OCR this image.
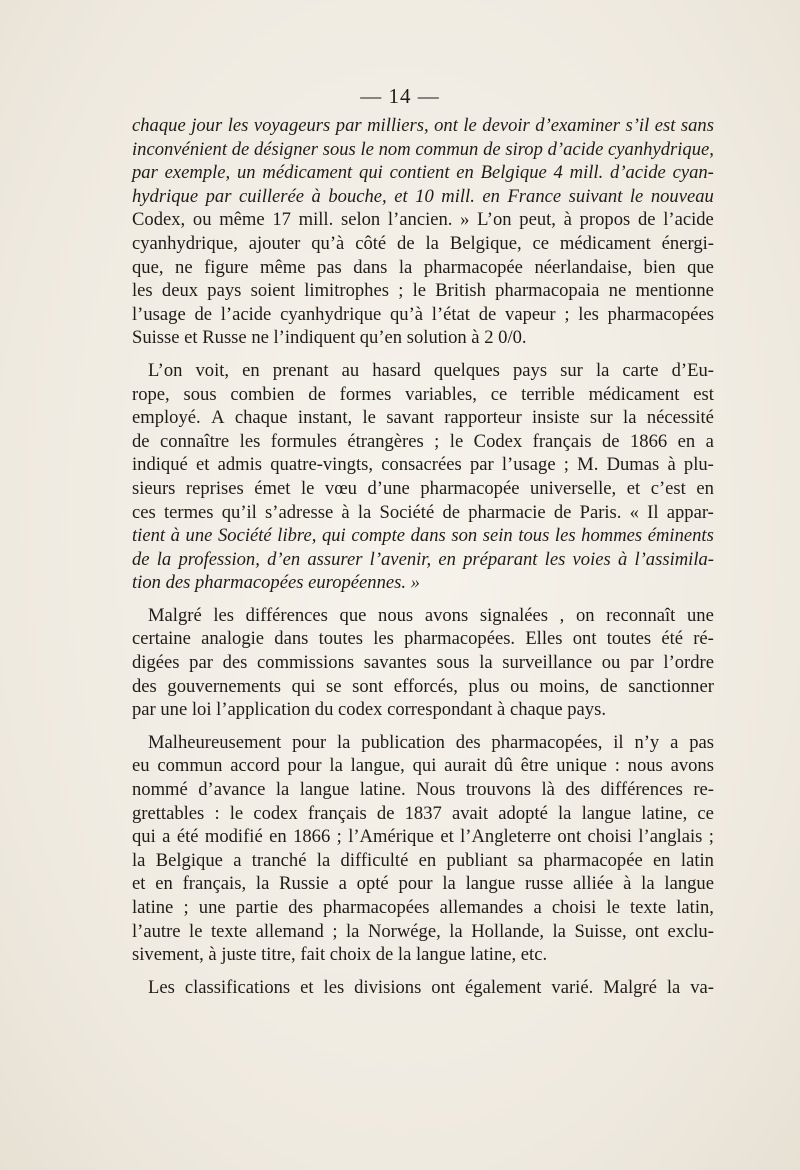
— 14 —
chaque jour les voyageurs par milliers, ont le devoir d’examiner s’il est sans
inconvénient de désigner sous le nom commun de sirop d’acide cyanhydrique,
par exemple, un médicament qui contient en Belgique 4 mill. d’acide cyan-
hydrique par cuillerée à bouche, et 10 mill. en France suivant le nouveau
Codex, ou même 17 mill. selon l’ancien. » L’on peut, à propos de l’acide
cyanhydrique, ajouter qu’à côté de la Belgique, ce médicament énergi-
que, ne figure même pas dans la pharmacopée néerlandaise, bien que
les deux pays soient limitrophes ; le British pharmacopaia ne mentionne
l’usage de l’acide cyanhydrique qu’à l’état de vapeur ; les pharmacopées
Suisse et Russe ne l’indiquent qu’en solution à 2 0/0.
L’on voit, en prenant au hasard quelques pays sur la carte d’Eu-
rope, sous combien de formes variables, ce terrible médicament est
employé. A chaque instant, le savant rapporteur insiste sur la nécessité
de connaître les formules étrangères ; le Codex français de 1866 en a
indiqué et admis quatre-vingts, consacrées par l’usage ; M. Dumas à plu-
sieurs reprises émet le vœu d’une pharmacopée universelle, et c’est en
ces termes qu’il s’adresse à la Société de pharmacie de Paris. « Il appar-
tient à une Société libre, qui compte dans son sein tous les hommes éminents
de la profession, d’en assurer l’avenir, en préparant les voies à l’assimila-
tion des pharmacopées européennes. »
Malgré les différences que nous avons signalées , on reconnaît une
certaine analogie dans toutes les pharmacopées. Elles ont toutes été ré-
digées par des commissions savantes sous la surveillance ou par l’ordre
des gouvernements qui se sont efforcés, plus ou moins, de sanctionner
par une loi l’application du codex correspondant à chaque pays.
Malheureusement pour la publication des pharmacopées, il n’y a pas
eu commun accord pour la langue, qui aurait dû être unique : nous avons
nommé d’avance la langue latine. Nous trouvons là des différences re-
grettables : le codex français de 1837 avait adopté la langue latine, ce
qui a été modifié en 1866 ; l’Amérique et l’Angleterre ont choisi l’anglais ;
la Belgique a tranché la difficulté en publiant sa pharmacopée en latin
et en français, la Russie a opté pour la langue russe alliée à la langue
latine ; une partie des pharmacopées allemandes a choisi le texte latin,
l’autre le texte allemand ; la Norwége, la Hollande, la Suisse, ont exclu-
sivement, à juste titre, fait choix de la langue latine, etc.
Les classifications et les divisions ont également varié. Malgré la va-
